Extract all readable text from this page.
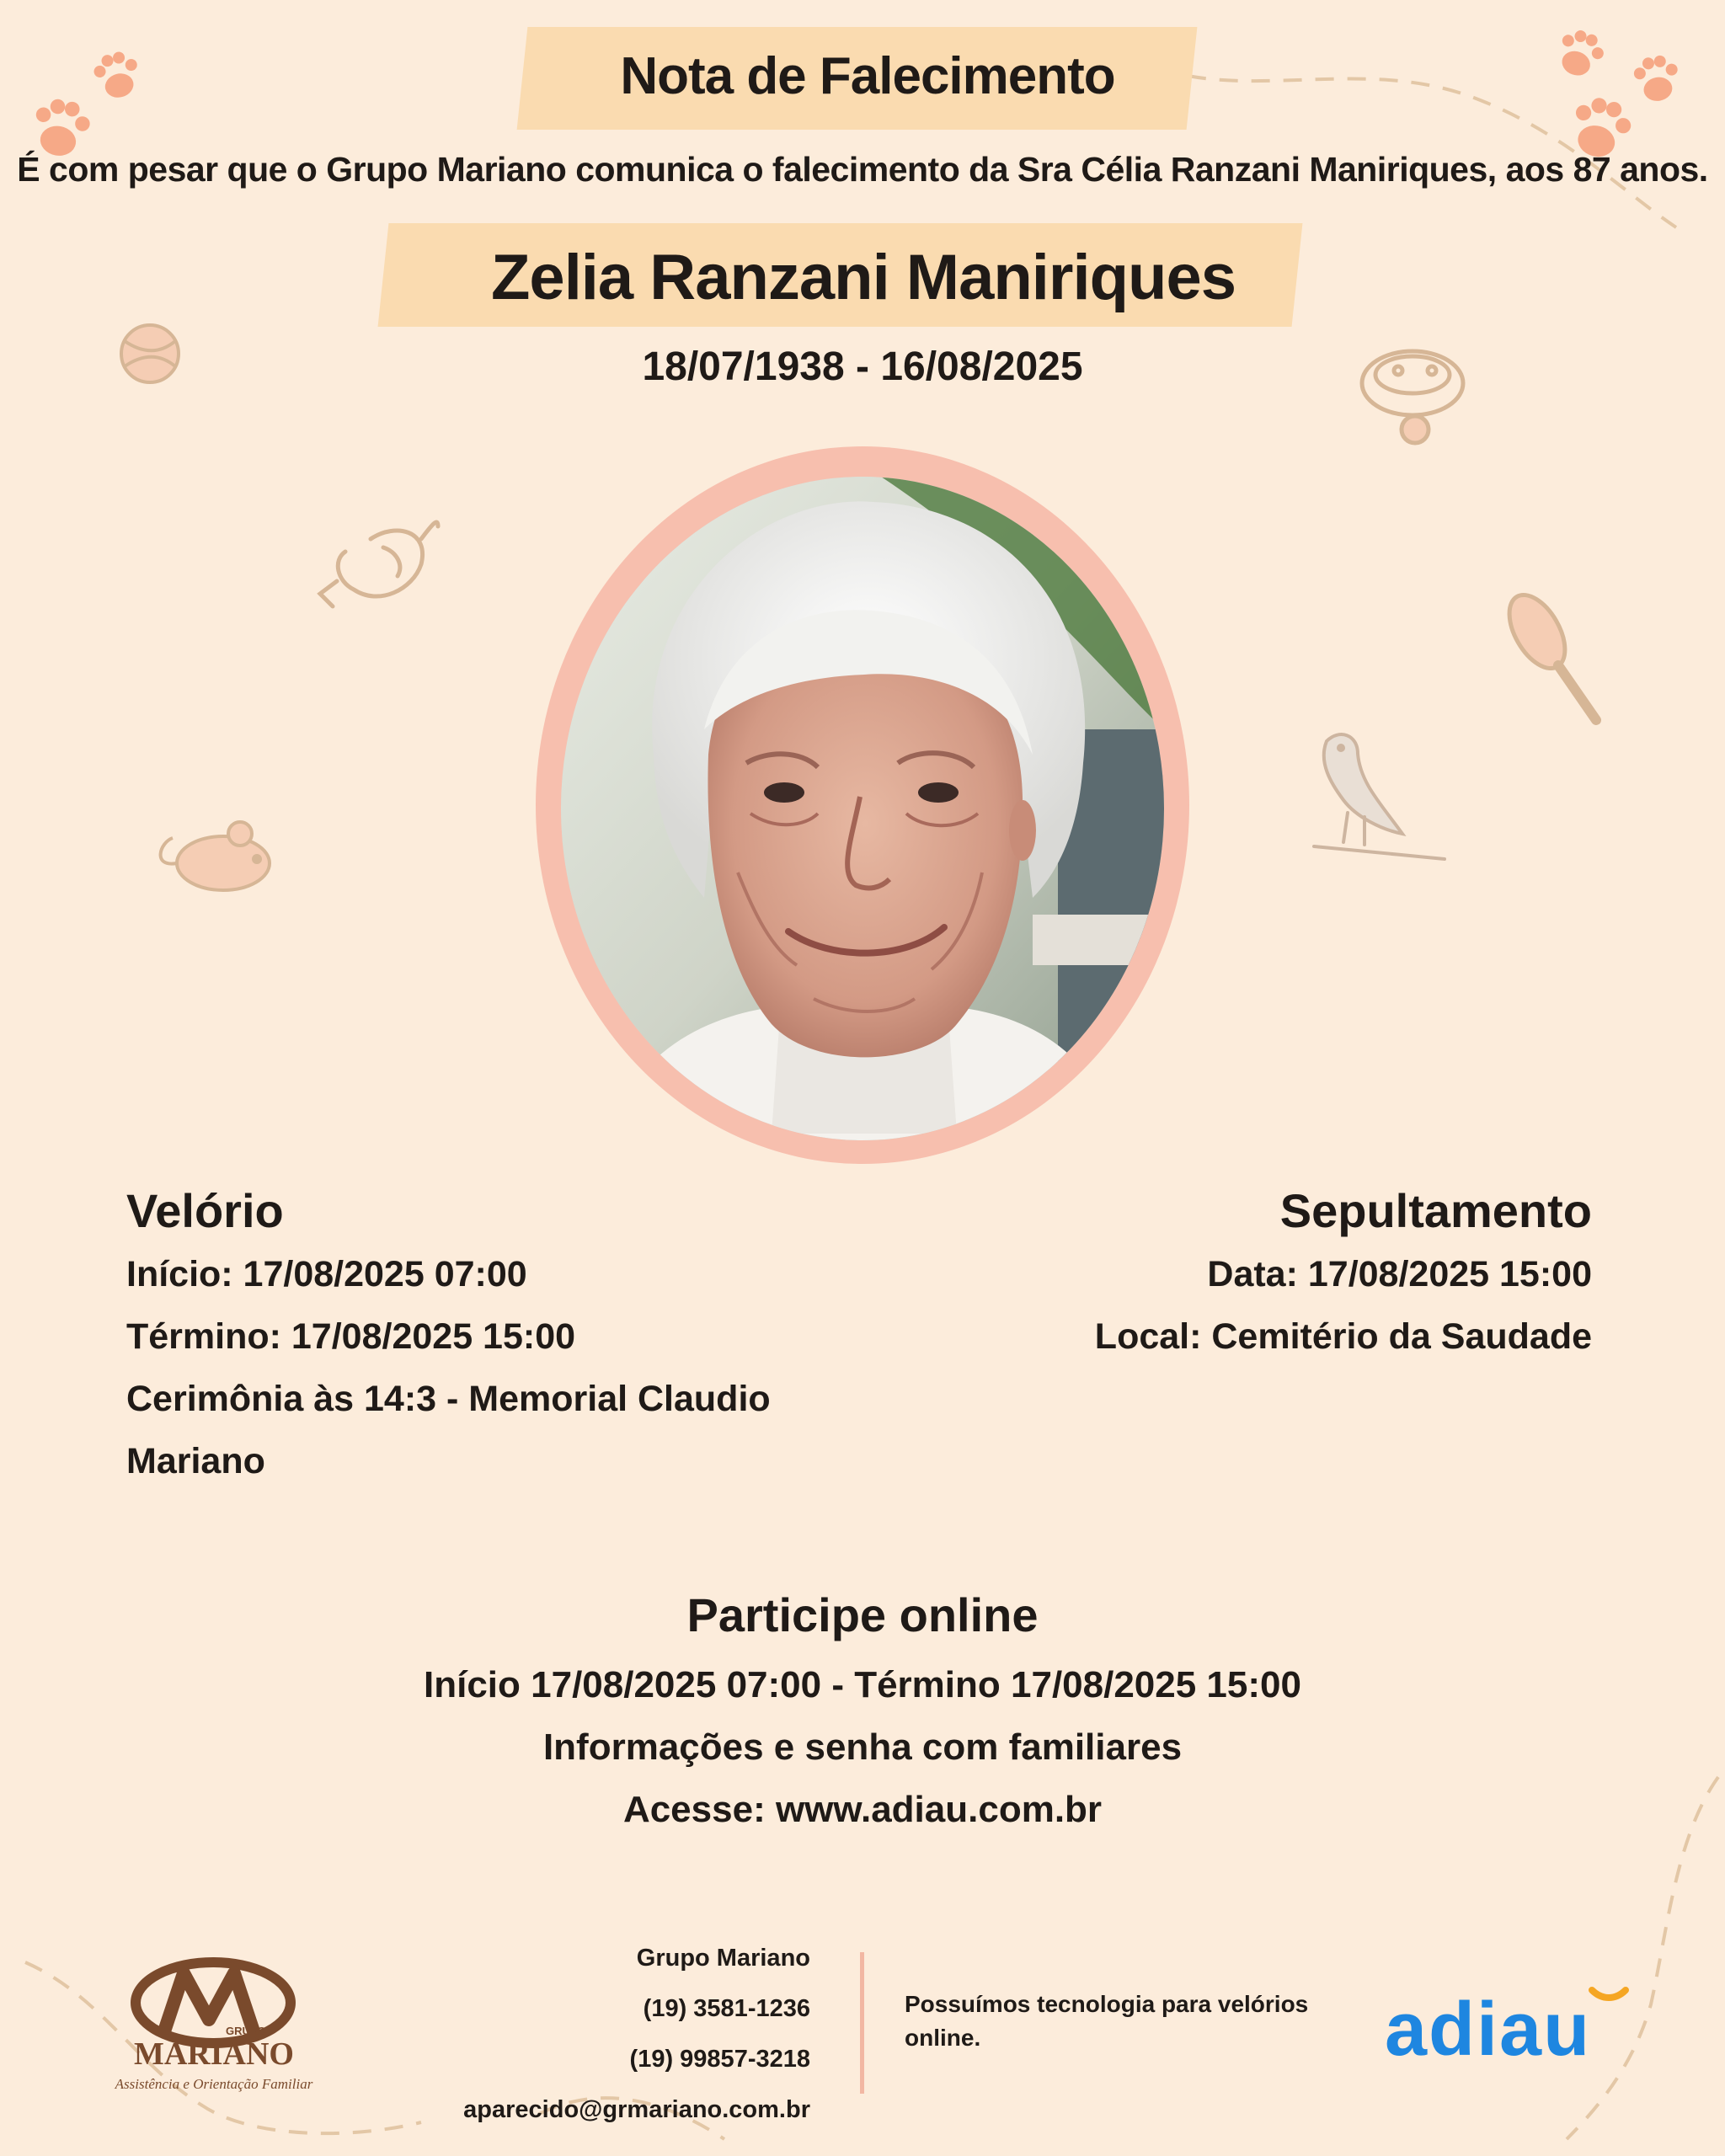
Nota de Falecimento
É com pesar que o Grupo Mariano comunica o falecimento da Sra Célia Ranzani Maniriques, aos 87 anos.
Zelia Ranzani Maniriques
18/07/1938 - 16/08/2025
Velório
Início: 17/08/2025 07:00
Término: 17/08/2025 15:00
Cerimônia às 14:3 - Memorial Claudio
Mariano
Sepultamento
Data: 17/08/2025 15:00
Local: Cemitério da Saudade
Participe online
Início 17/08/2025 07:00 - Término 17/08/2025 15:00
Informações e senha com familiares
Acesse: www.adiau.com.br
GRUPO
MARIANO
Assistência e Orientação Familiar
Grupo Mariano
(19) 3581-1236
(19) 99857-3218
aparecido@grmariano.com.br
Possuímos tecnologia para velórios online.	adiau
